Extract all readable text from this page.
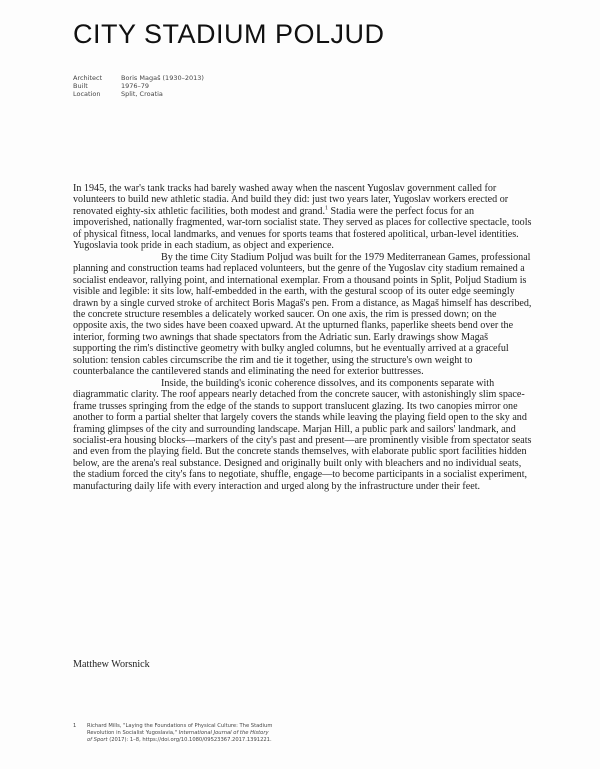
CITY STADIUM POLJUD
Architect	Boris Magaš (1930–2013)
Built	1976–79
Location	Split, Croatia

In 1945, the war's tank tracks had barely washed away when the nascent Yugoslav government called for volunteers to build new athletic stadia. And build they did: just two years later, Yugoslav workers erected or renovated eighty-six athletic facilities, both modest and grand.$^1$ Stadia were the perfect focus for an impoverished, nationally fragmented, war-torn socialist state. They served as places for collective spectacle, tools of physical fitness, local landmarks, and venues for sports teams that fostered apolitical, urban-level identities. Yugoslavia took pride in each stadium, as object and experience.

By the time City Stadium Poljud was built for the 1979 Mediterranean Games, professional planning and construction teams had replaced volunteers, but the genre of the Yugoslav city stadium remained a socialist endeavor, rallying point, and international exemplar. From a thousand points in Split, Poljud Stadium is visible and legible: it sits low, half-embedded in the earth, with the gestural scoop of its outer edge seemingly drawn by a single curved stroke of architect Boris Magaš's pen. From a distance, as Magaš himself has described, the concrete structure resembles a delicately worked saucer. On one axis, the rim is pressed down; on the opposite axis, the two sides have been coaxed upward. At the upturned flanks, paperlike sheets bend over the interior, forming two awnings that shade spectators from the Adriatic sun. Early drawings show Magaš supporting the rim's distinctive geometry with bulky angled columns, but he eventually arrived at a graceful solution: tension cables circumscribe the rim and tie it together, using the structure's own weight to counterbalance the cantilevered stands and eliminating the need for exterior buttresses.

Inside, the building's iconic coherence dissolves, and its components separate with diagrammatic clarity. The roof appears nearly detached from the concrete saucer, with astonishingly slim space-frame trusses springing from the edge of the stands to support translucent glazing. Its two canopies mirror one another to form a partial shelter that largely covers the stands while leaving the playing field open to the sky and framing glimpses of the city and surrounding landscape. Marjan Hill, a public park and sailors' landmark, and socialist-era housing blocks—markers of the city's past and present—are prominently visible from spectator seats and even from the playing field. But the concrete stands themselves, with elaborate public sport facilities hidden below, are the arena's real substance. Designed and originally built only with bleachers and no individual seats, the stadium forced the city's fans to negotiate, shuffle, engage—to become participants in a socialist experiment, manufacturing daily life with every interaction and urged along by the infrastructure under their feet.

Matthew Worsnick
1	Richard Mills, "Laying the Foundations of Physical Culture: The Stadium Revolution in Socialist Yugoslavia," International Journal of the History of Sport (2017): 1–8, https://doi.org/10.1080/09523367.2017.1391221.
